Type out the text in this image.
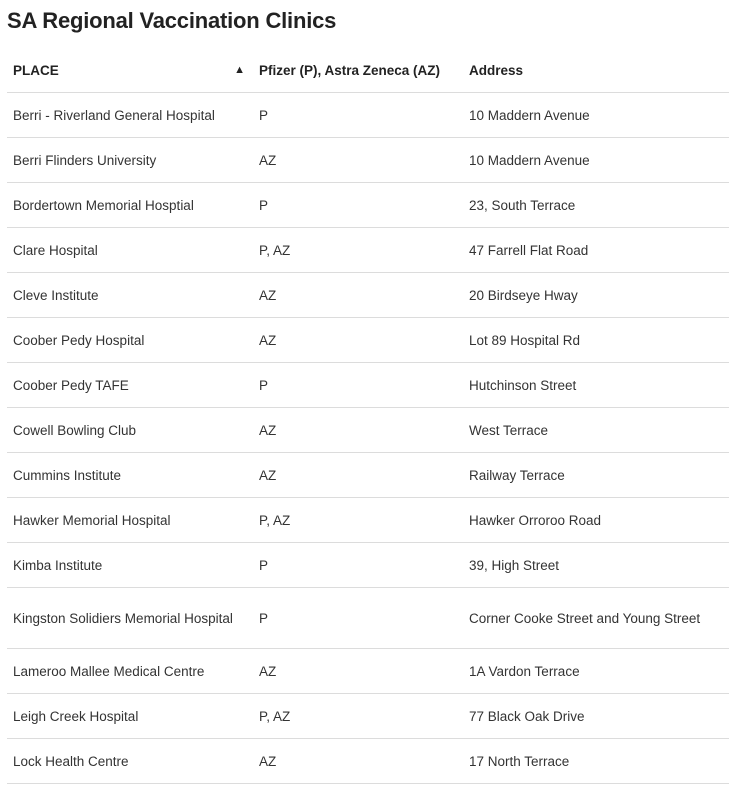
SA Regional Vaccination Clinics
PLACE ▲	Pfizer (P), Astra Zeneca (AZ)	Address
Berri - Riverland General Hospital	P	10 Maddern Avenue
Berri Flinders University	AZ	10 Maddern Avenue
Bordertown Memorial Hosptial	P	23, South Terrace
Clare Hospital	P, AZ	47 Farrell Flat Road
Cleve Institute	AZ	20 Birdseye Hway
Coober Pedy Hospital	AZ	Lot 89 Hospital Rd
Coober Pedy TAFE	P	Hutchinson Street
Cowell Bowling Club	AZ	West Terrace
Cummins Institute	AZ	Railway Terrace
Hawker Memorial Hospital	P, AZ	Hawker Orroroo Road
Kimba Institute	P	39, High Street
Kingston Solidiers Memorial Hospital	P	Corner Cooke Street and Young Street
Lameroo Mallee Medical Centre	AZ	1A Vardon Terrace
Leigh Creek Hospital	P, AZ	77 Black Oak Drive
Lock Health Centre	AZ	17 North Terrace
